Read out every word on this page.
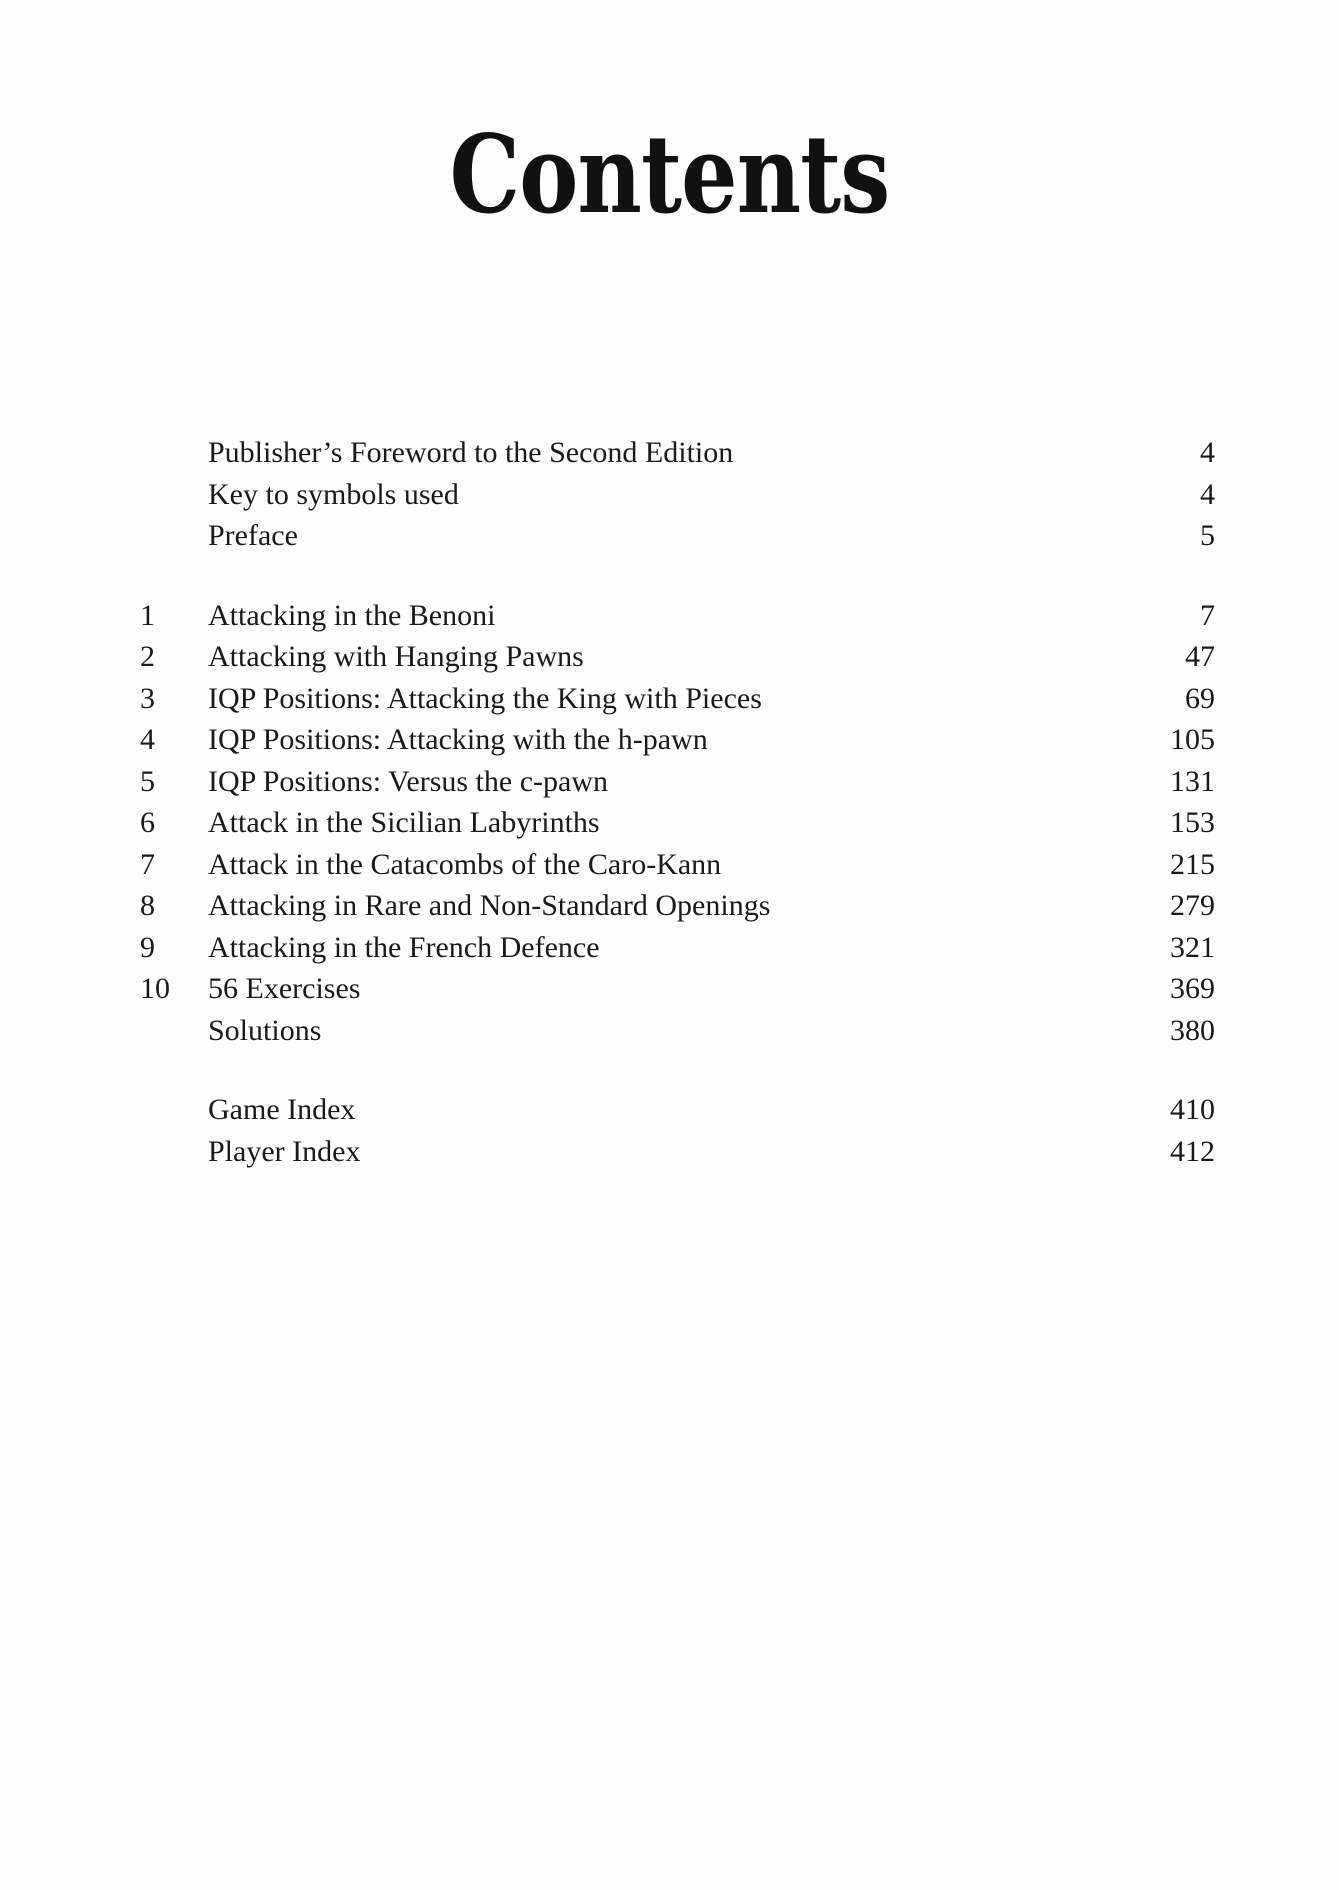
Contents
Publisher’s Foreword to the Second Edition	4
Key to symbols used	4
Preface	5
1	Attacking in the Benoni	7
2	Attacking with Hanging Pawns	47
3	IQP Positions: Attacking the King with Pieces	69
4	IQP Positions: Attacking with the h-pawn	105
5	IQP Positions: Versus the c-pawn	131
6	Attack in the Sicilian Labyrinths	153
7	Attack in the Catacombs of the Caro-Kann	215
8	Attacking in Rare and Non-Standard Openings	279
9	Attacking in the French Defence	321
10	56 Exercises	369
Solutions	380
Game Index	410
Player Index	412
